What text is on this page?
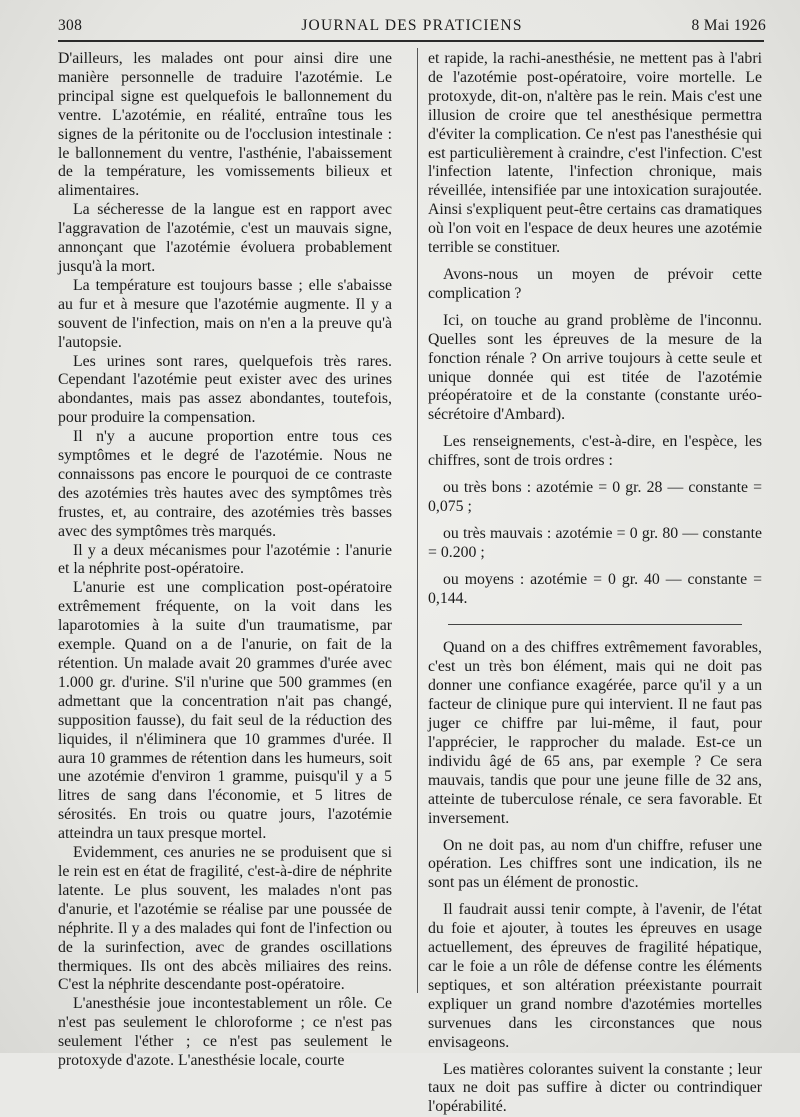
308	JOURNAL DES PRATICIENS	8 Mai 1926

D'ailleurs, les malades ont pour ainsi dire une manière personnelle de traduire l'azotémie. Le principal signe est quelquefois le ballonnement du ventre. L'azotémie, en réalité, entraîne tous les signes de la péritonite ou de l'occlusion intestinale : le ballonnement du ventre, l'asthénie, l'abaissement de la température, les vomissements bilieux et alimentaires.

La sécheresse de la langue est en rapport avec l'aggravation de l'azotémie, c'est un mauvais signe, annonçant que l'azotémie évoluera probablement jusqu'à la mort.

La température est toujours basse ; elle s'abaisse au fur et à mesure que l'azotémie augmente. Il y a souvent de l'infection, mais on n'en a la preuve qu'à l'autopsie.

Les urines sont rares, quelquefois très rares. Cependant l'azotémie peut exister avec des urines abondantes, mais pas assez abondantes, toutefois, pour produire la compensation.

Il n'y a aucune proportion entre tous ces symptômes et le degré de l'azotémie. Nous ne connaissons pas encore le pourquoi de ce contraste des azotémies très hautes avec des symptômes très frustes, et, au contraire, des azotémies très basses avec des symptômes très marqués.

Il y a deux mécanismes pour l'azotémie : l'anurie et la néphrite post-opératoire.

L'anurie est une complication post-opératoire extrêmement fréquente, on la voit dans les laparotomies à la suite d'un traumatisme, par exemple. Quand on a de l'anurie, on fait de la rétention. Un malade avait 20 grammes d'urée avec 1.000 gr. d'urine. S'il n'urine que 500 grammes (en admettant que la concentration n'ait pas changé, supposition fausse), du fait seul de la réduction des liquides, il n'éliminera que 10 grammes d'urée. Il aura 10 grammes de rétention dans les humeurs, soit une azotémie d'environ 1 gramme, puisqu'il y a 5 litres de sang dans l'économie, et 5 litres de sérosités. En trois ou quatre jours, l'azotémie atteindra un taux presque mortel.

Evidemment, ces anuries ne se produisent que si le rein est en état de fragilité, c'est-à-dire de néphrite latente. Le plus souvent, les malades n'ont pas d'anurie, et l'azotémie se réalise par une poussée de néphrite. Il y a des malades qui font de l'infection ou de la surinfection, avec de grandes oscillations thermiques. Ils ont des abcès miliaires des reins. C'est la néphrite descendante post-opératoire.

L'anesthésie joue incontestablement un rôle. Ce n'est pas seulement le chloroforme ; ce n'est pas seulement l'éther ; ce n'est pas seulement le protoxyde d'azote. L'anesthésie locale, courte

et rapide, la rachi-anesthésie, ne mettent pas à l'abri de l'azotémie post-opératoire, voire mortelle. Le protoxyde, dit-on, n'altère pas le rein. Mais c'est une illusion de croire que tel anesthésique permettra d'éviter la complication. Ce n'est pas l'anesthésie qui est particulièrement à craindre, c'est l'infection. C'est l'infection latente, l'infection chronique, mais réveillée, intensifiée par une intoxication surajoutée. Ainsi s'expliquent peut-être certains cas dramatiques où l'on voit en l'espace de deux heures une azotémie terrible se constituer.

Avons-nous un moyen de prévoir cette complication ?

Ici, on touche au grand problème de l'inconnu. Quelles sont les épreuves de la mesure de la fonction rénale ? On arrive toujours à cette seule et unique donnée qui est titée de l'azotémie préopératoire et de la constante (constante uréo-sécrétoire d'Ambard).

Les renseignements, c'est-à-dire, en l'espèce, les chiffres, sont de trois ordres :

ou très bons : azotémie = 0 gr. 28 — constante = 0,075 ;

ou très mauvais : azotémie = 0 gr. 80 — constante = 0.200 ;

ou moyens : azotémie = 0 gr. 40 — constante = 0,144.

Quand on a des chiffres extrêmement favorables, c'est un très bon élément, mais qui ne doit pas donner une confiance exagérée, parce qu'il y a un facteur de clinique pure qui intervient. Il ne faut pas juger ce chiffre par lui-même, il faut, pour l'apprécier, le rapprocher du malade. Est-ce un individu âgé de 65 ans, par exemple ? Ce sera mauvais, tandis que pour une jeune fille de 32 ans, atteinte de tuberculose rénale, ce sera favorable. Et inversement.

On ne doit pas, au nom d'un chiffre, refuser une opération. Les chiffres sont une indication, ils ne sont pas un élément de pronostic.

Il faudrait aussi tenir compte, à l'avenir, de l'état du foie et ajouter, à toutes les épreuves en usage actuellement, des épreuves de fragilité hépatique, car le foie a un rôle de défense contre les éléments septiques, et son altération préexistante pourrait expliquer un grand nombre d'azotémies mortelles survenues dans les circonstances que nous envisageons.

Les matières colorantes suivent la constante ; leur taux ne doit pas suffire à dicter ou contrindiquer l'opérabilité.
